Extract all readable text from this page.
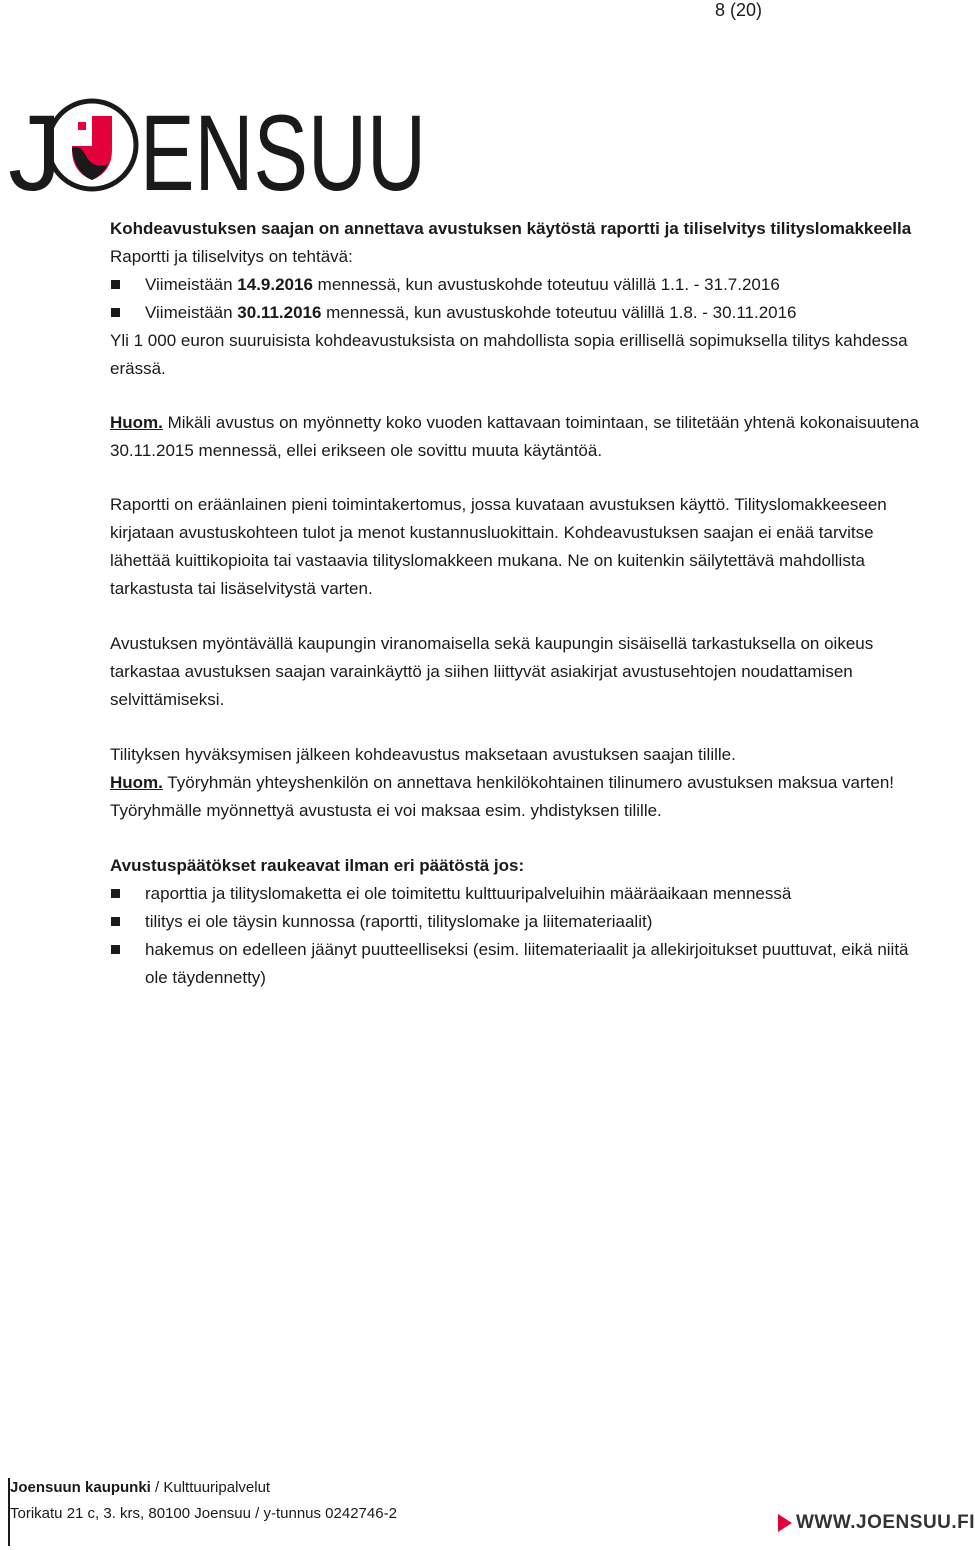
8 (20)
J ENSUU

Kohdeavustuksen saajan on annettava avustuksen käytöstä raportti ja tiliselvitys tilityslomakkeella

Raportti ja tiliselvitys on tehtävä:

Viimeistään 14.9.2016 mennessä, kun avustuskohde toteutuu välillä 1.1. - 31.7.2016
Viimeistään 30.11.2016 mennessä, kun avustuskohde toteutuu välillä 1.8. - 30.11.2016

Yli 1 000 euron suuruisista kohdeavustuksista on mahdollista sopia erillisellä sopimuksella tilitys kahdessa erässä.

Huom. Mikäli avustus on myönnetty koko vuoden kattavaan toimintaan, se tilitetään yhtenä kokonaisuutena 30.11.2015 mennessä, ellei erikseen ole sovittu muuta käytäntöä.

Raportti on eräänlainen pieni toimintakertomus, jossa kuvataan avustuksen käyttö. Tilityslomakkeeseen kirjataan avustuskohteen tulot ja menot kustannusluokittain. Kohdeavustuksen saajan ei enää tarvitse lähettää kuittikopioita tai vastaavia tilityslomakkeen mukana. Ne on kuitenkin säilytettävä mahdollista tarkastusta tai lisäselvitystä varten.

Avustuksen myöntävällä kaupungin viranomaisella sekä kaupungin sisäisellä tarkastuksella on oikeus tarkastaa avustuksen saajan varainkäyttö ja siihen liittyvät asiakirjat avustusehtojen noudattamisen selvittämiseksi.

Tilityksen hyväksymisen jälkeen kohdeavustus maksetaan avustuksen saajan tilille.
Huom. Työryhmän yhteyshenkilön on annettava henkilökohtainen tilinumero avustuksen maksua varten! Työryhmälle myönnettyä avustusta ei voi maksaa esim. yhdistyksen tilille.

Avustuspäätökset raukeavat ilman eri päätöstä jos:

raporttia ja tilityslomaketta ei ole toimitettu kulttuuripalveluihin määräaikaan mennessä
tilitys ei ole täysin kunnossa (raportti, tilityslomake ja liitemateriaalit)
hakemus on edelleen jäänyt puutteelliseksi (esim. liitemateriaalit ja allekirjoitukset puuttuvat, eikä niitä ole täydennetty)
Joensuun kaupunki / Kulttuuripalvelut
Torikatu 21 c, 3. krs, 80100 Joensuu / y-tunnus 0242746-2	WWW.JOENSUU.FI
